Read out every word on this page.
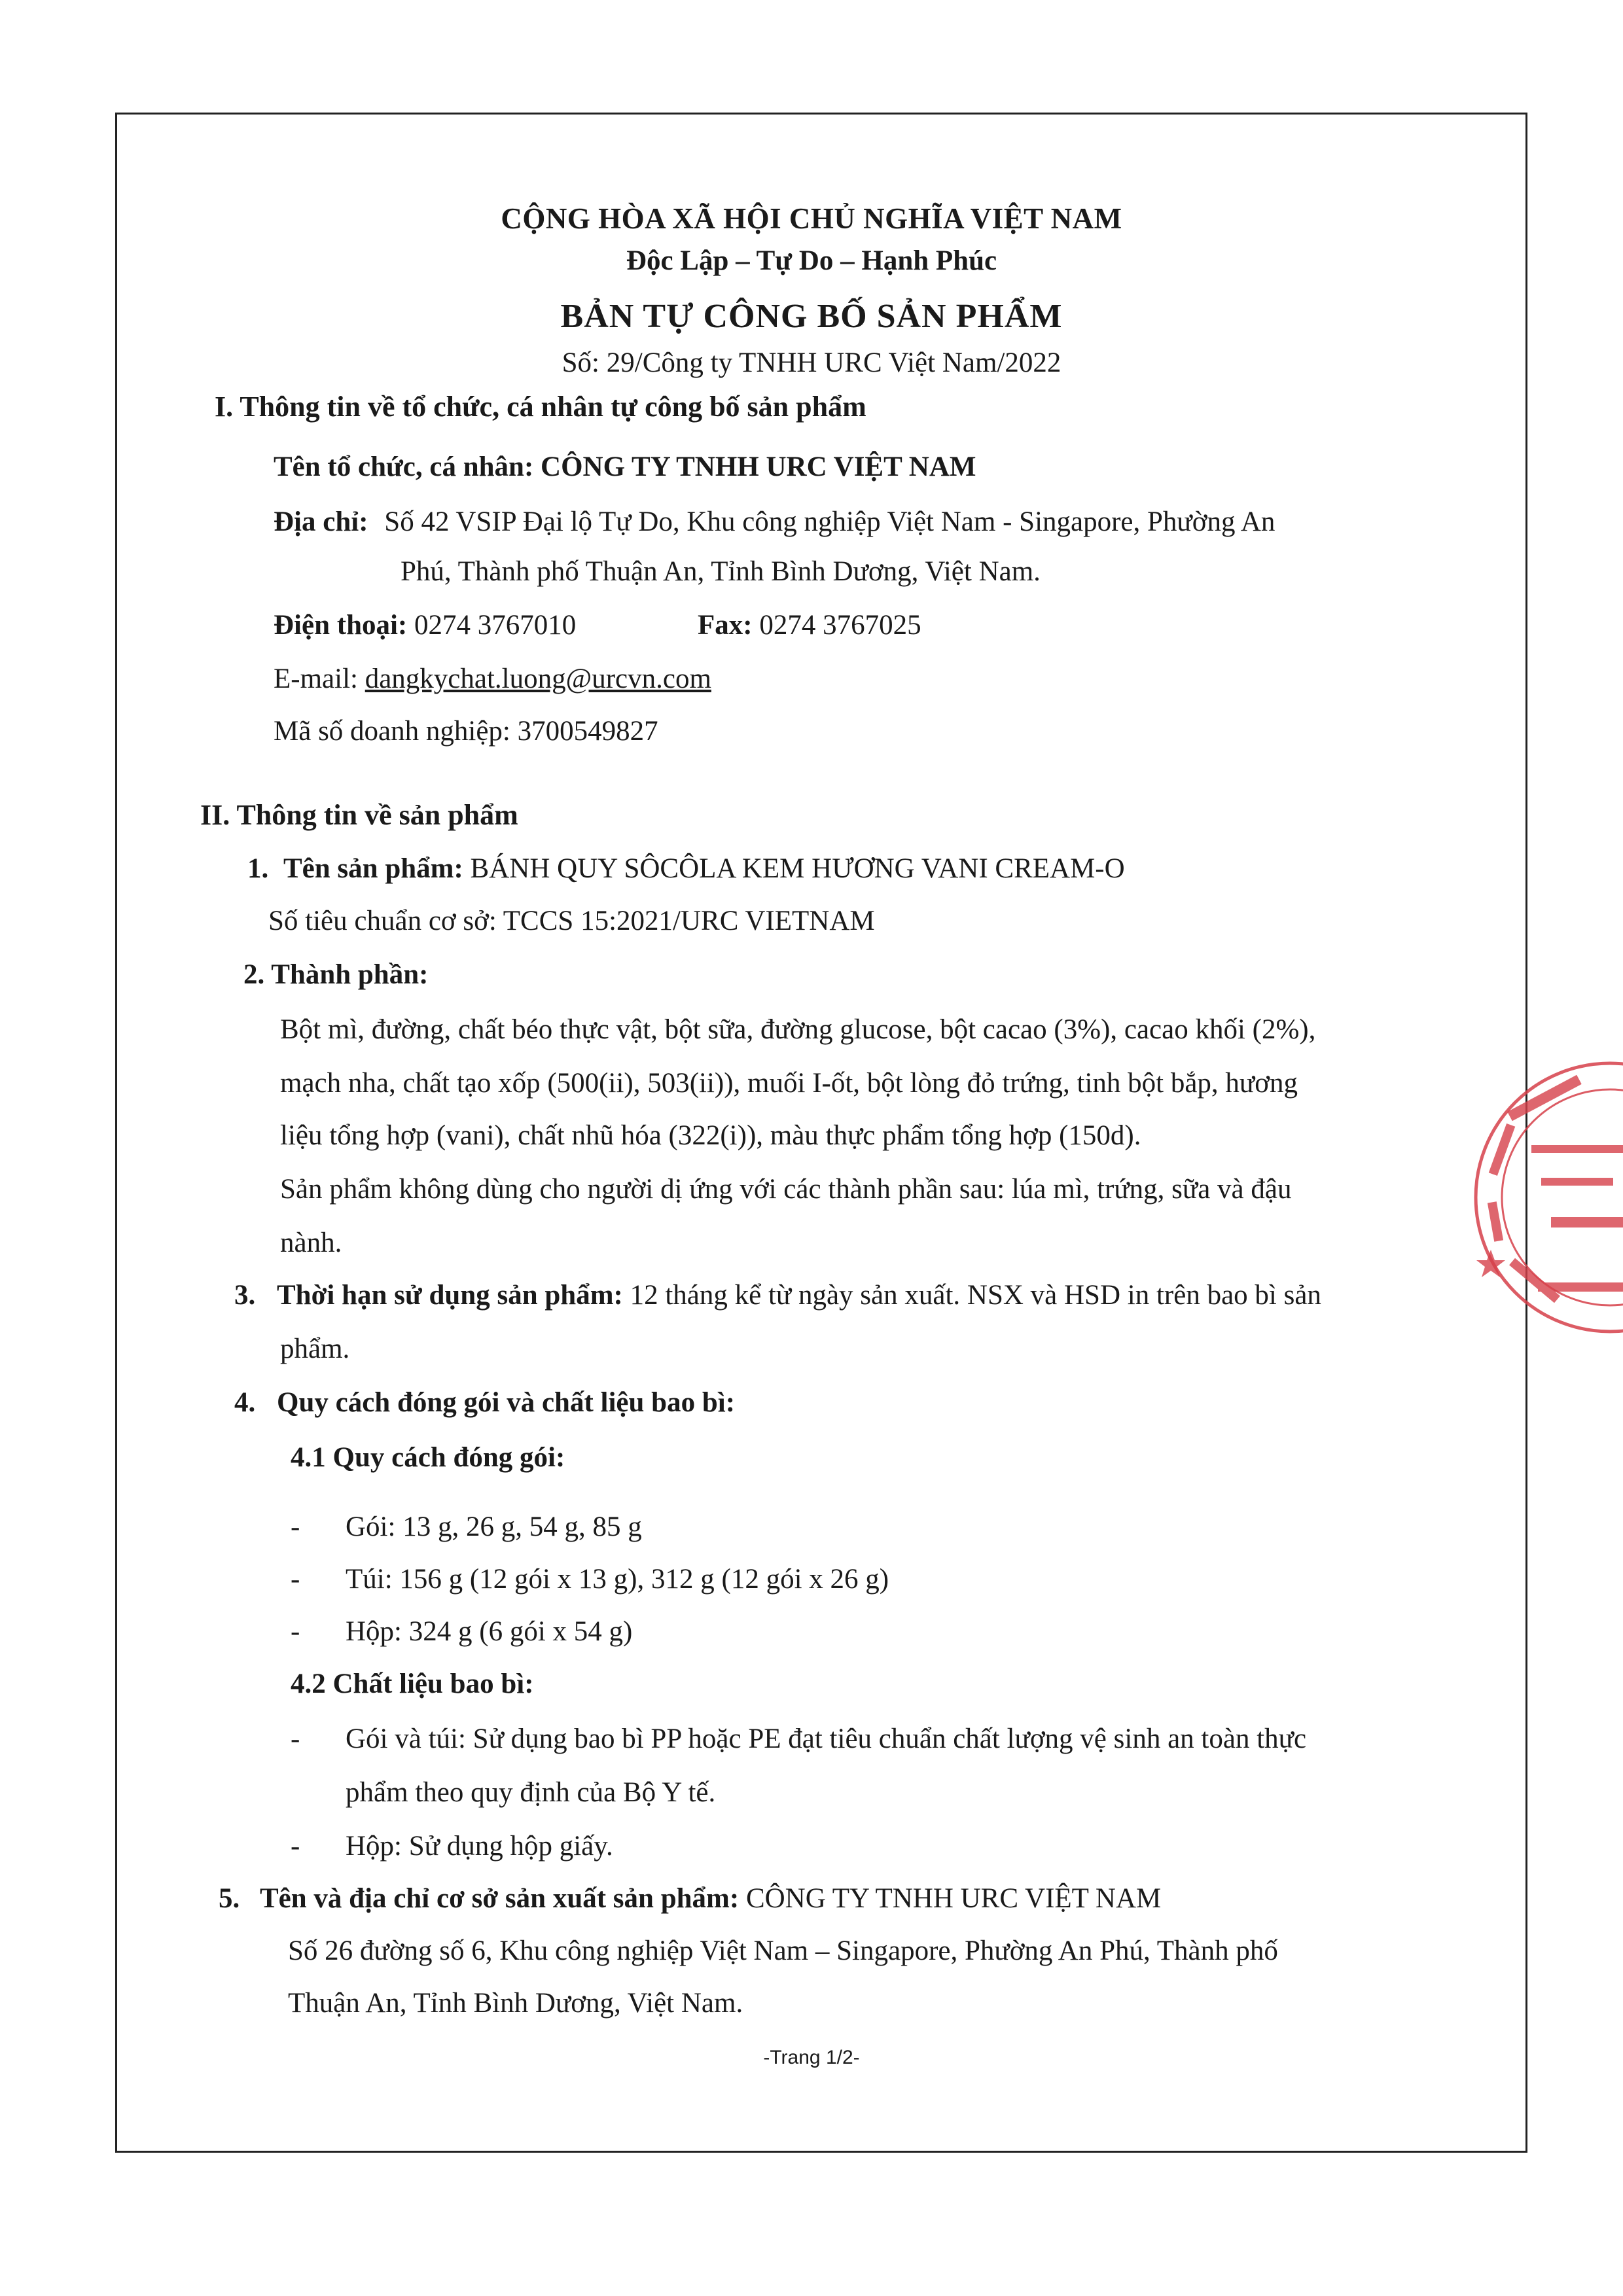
CỘNG HÒA XÃ HỘI CHỦ NGHĨA VIỆT NAM
Độc Lập – Tự Do – Hạnh Phúc
BẢN TỰ CÔNG BỐ SẢN PHẨM
Số: 29/Công ty TNHH URC Việt Nam/2022
I. Thông tin về tổ chức, cá nhân tự công bố sản phẩm
Tên tổ chức, cá nhân: CÔNG TY TNHH URC VIỆT NAM
Địa chỉ: Số 42 VSIP Đại lộ Tự Do, Khu công nghiệp Việt Nam - Singapore, Phường An
Phú, Thành phố Thuận An, Tỉnh Bình Dương, Việt Nam.
Điện thoại: 0274 3767010	Fax: 0274 3767025
E-mail: dangkychat.luong@urcvn.com
Mã số doanh nghiệp: 3700549827
II. Thông tin về sản phẩm
1. Tên sản phẩm: BÁNH QUY SÔCÔLA KEM HƯƠNG VANI CREAM-O
Số tiêu chuẩn cơ sở: TCCS 15:2021/URC VIETNAM
2. Thành phần:
Bột mì, đường, chất béo thực vật, bột sữa, đường glucose, bột cacao (3%), cacao khối (2%),
mạch nha, chất tạo xốp (500(ii), 503(ii)), muối I-ốt, bột lòng đỏ trứng, tinh bột bắp, hương
liệu tổng hợp (vani), chất nhũ hóa (322(i)), màu thực phẩm tổng hợp (150d).
Sản phẩm không dùng cho người dị ứng với các thành phần sau: lúa mì, trứng, sữa và đậu
nành.
3. Thời hạn sử dụng sản phẩm: 12 tháng kể từ ngày sản xuất. NSX và HSD in trên bao bì sản
phẩm.
4. Quy cách đóng gói và chất liệu bao bì:
4.1 Quy cách đóng gói:
- Gói: 13 g, 26 g, 54 g, 85 g
- Túi: 156 g (12 gói x 13 g), 312 g (12 gói x 26 g)
- Hộp: 324 g (6 gói x 54 g)
4.2 Chất liệu bao bì:
- Gói và túi: Sử dụng bao bì PP hoặc PE đạt tiêu chuẩn chất lượng vệ sinh an toàn thực
phẩm theo quy định của Bộ Y tế.
- Hộp: Sử dụng hộp giấy.
5. Tên và địa chỉ cơ sở sản xuất sản phẩm: CÔNG TY TNHH URC VIỆT NAM
Số 26 đường số 6, Khu công nghiệp Việt Nam – Singapore, Phường An Phú, Thành phố
Thuận An, Tỉnh Bình Dương, Việt Nam.
-Trang 1/2-
